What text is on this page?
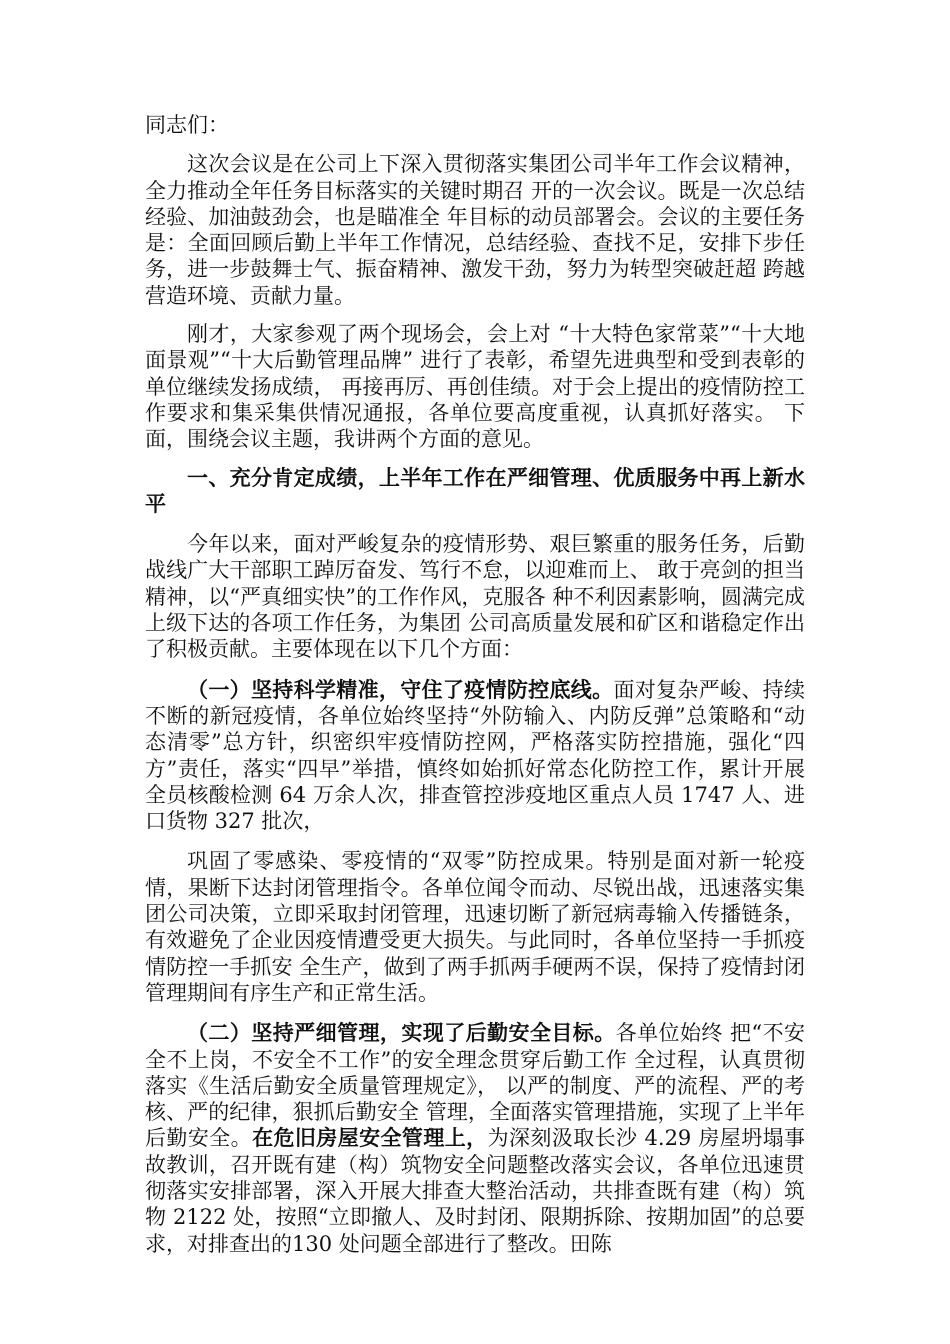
同志们：

这次会议是在公司上下深入贯彻落实集团公司半年工作会议精神，全力推动全年任务目标落实的关键时期召 开的一次会议。既是一次总结经验、加油鼓劲会，也是瞄准全 年目标的动员部署会。会议的主要任务是：全面回顾后勤上半年工作情况，总结经验、查找不足，安排下步任务，进一步鼓舞士气、振奋精神、激发干劲，努力为转型突破赶超 跨越营造环境、贡献力量。

刚才，大家参观了两个现场会，会上对 “十大特色家常菜”“十大地面景观”“十大后勤管理品牌” 进行了表彰，希望先进典型和受到表彰的单位继续发扬成绩， 再接再厉、再创佳绩。对于会上提出的疫情防控工作要求和集采集供情况通报，各单位要高度重视，认真抓好落实。 下面，围绕会议主题，我讲两个方面的意见。

一、充分肯定成绩，上半年工作在严细管理、优质服务中再上新水平

今年以来，面对严峻复杂的疫情形势、艰巨繁重的服务任务，后勤战线广大干部职工踔厉奋发、笃行不怠，以迎难而上、 敢于亮剑的担当精神，以“严真细实快”的工作作风，克服各 种不利因素影响，圆满完成上级下达的各项工作任务，为集团 公司高质量发展和矿区和谐稳定作出了积极贡献。主要体现在以下几个方面：

（一）坚持科学精准，守住了疫情防控底线。面对复杂严峻、持续不断的新冠疫情，各单位始终坚持“外防输入、内防反弹”总策略和“动态清零”总方针，织密织牢疫情防控网，严格落实防控措施，强化“四方”责任，落实“四早”举措，慎终如始抓好常态化防控工作，累计开展全员核酸检测 64 万余人次，排查管控涉疫地区重点人员 1747 人、进口货物 327 批次，

巩固了零感染、零疫情的“双零”防控成果。特别是面对新一轮疫情，果断下达封闭管理指令。各单位闻令而动、尽锐出战，迅速落实集团公司决策，立即采取封闭管理，迅速切断了新冠病毒输入传播链条，有效避免了企业因疫情遭受更大损失。与此同时，各单位坚持一手抓疫情防控一手抓安 全生产，做到了两手抓两手硬两不误，保持了疫情封闭管理期间有序生产和正常生活。

（二）坚持严细管理，实现了后勤安全目标。各单位始终 把“不安全不上岗，不安全不工作”的安全理念贯穿后勤工作 全过程，认真贯彻落实《生活后勤安全质量管理规定》， 以严的制度、严的流程、严的考核、严的纪律，狠抓后勤安全 管理，全面落实管理措施，实现了上半年后勤安全。在危旧房屋安全管理上，为深刻汲取长沙 4.29 房屋坍塌事故教训，召开既有建（构）筑物安全问题整改落实会议，各单位迅速贯彻落实安排部署，深入开展大排查大整治活动，共排查既有建（构）筑物 2122 处，按照“立即撤人、及时封闭、限期拆除、按期加固”的总要求，对排查出的130 处问题全部进行了整改。田陈
